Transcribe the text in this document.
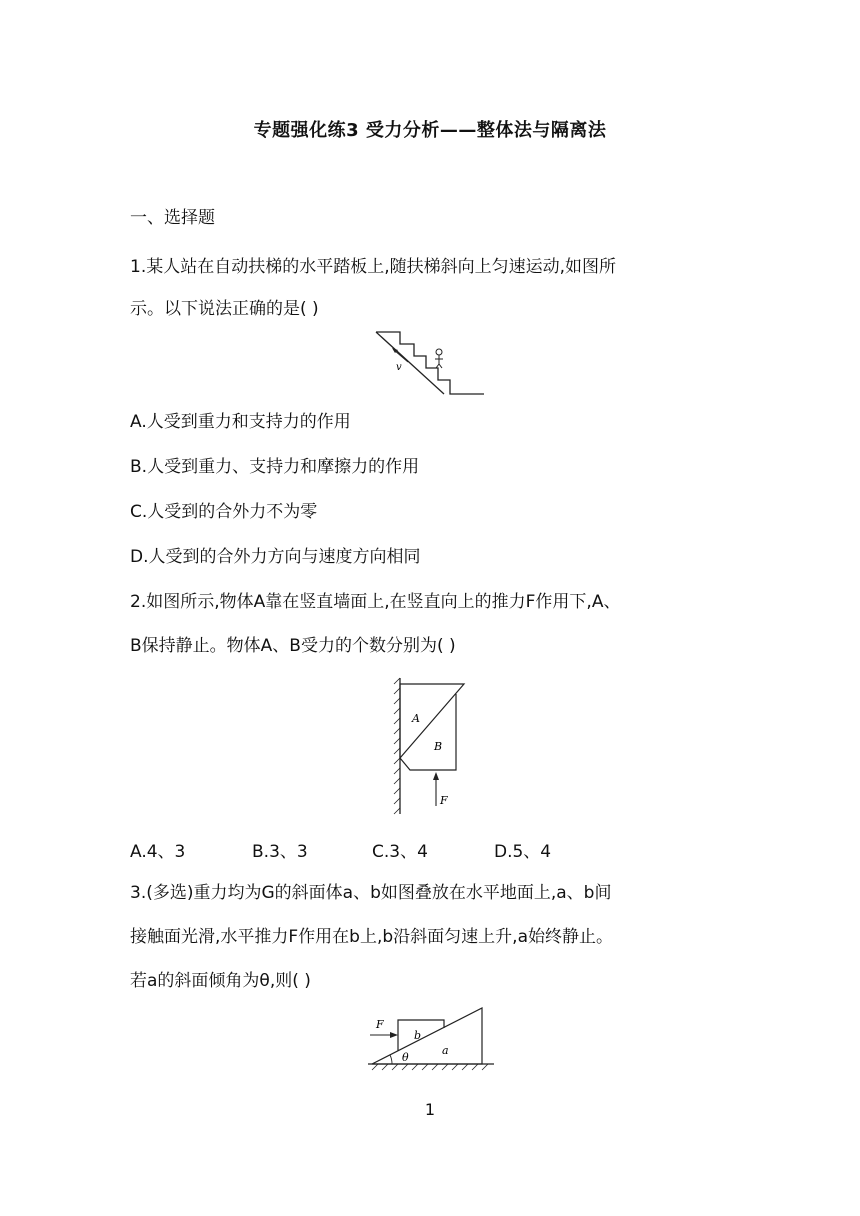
专题强化练3 受力分析——整体法与隔离法
一、选择题
1.某人站在自动扶梯的水平踏板上,随扶梯斜向上匀速运动,如图所
示。以下说法正确的是( )
v
A.人受到重力和支持力的作用
B.人受到重力、支持力和摩擦力的作用
C.人受到的合外力不为零
D.人受到的合外力方向与速度方向相同
2.如图所示,物体A靠在竖直墙面上,在竖直向上的推力F作用下,A、
B保持静止。物体A、B受力的个数分别为( )
A
B
F
A.4、3	B.3、3	C.3、4	D.5、4
3.(多选)重力均为G的斜面体a、b如图叠放在水平地面上,a、b间
接触面光滑,水平推力F作用在b上,b沿斜面匀速上升,a始终静止。
若a的斜面倾角为θ,则( )
F
b
a
θ
1
